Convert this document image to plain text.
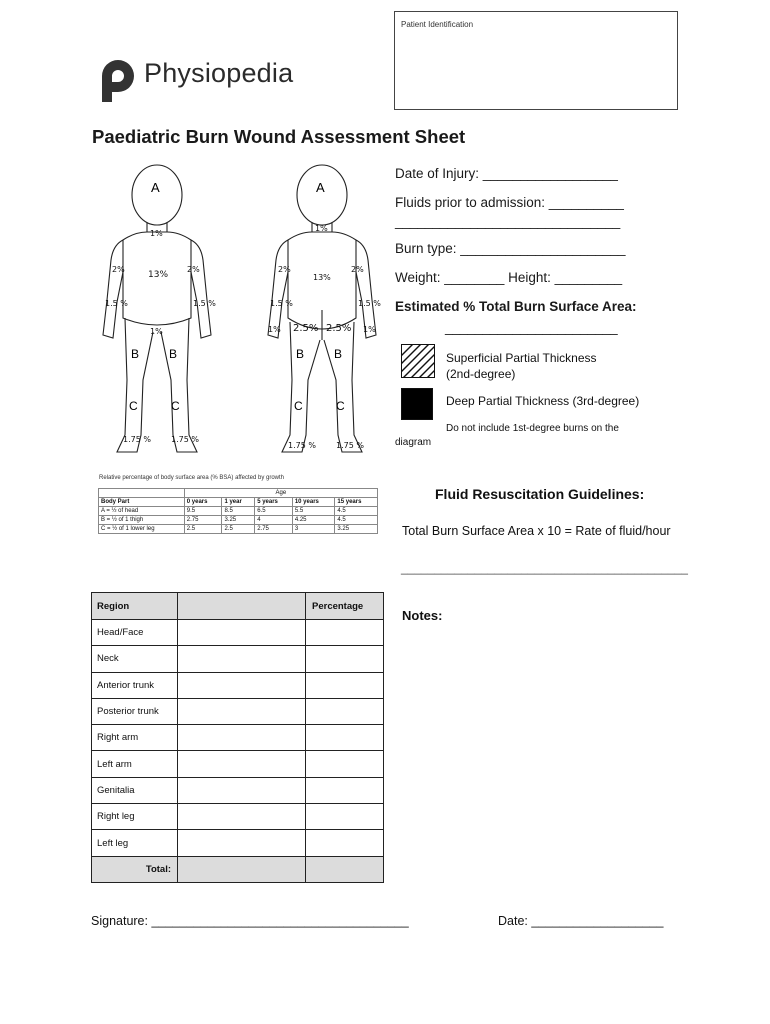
Patient Identification
Physiopedia
Paediatric Burn Wound Assessment Sheet
A
1%
13%
2%	2%
1.5 %	1.5 %
1%
B B
C	C
1.75 %	1.75 %
A
1%
13%
2%	2%
1.5 %	1.5 %
1%	1%
2.5% 2.5%
B B
C	C
1.75 %	1.75 %
Relative percentage of body surface area (% BSA) affected by growth
	Age				
Body Part	0 years	1 year	5 years	10 years	15 years
A = ½ of head	9.5	8.5	6.5	5.5	4.5
B = ½ of 1 thigh	2.75	3.25	4	4.25	4.5
C = ½ of 1 lower leg	2.5	2.5	2.75	3	3.25
Date of Injury: __________________
Fluids prior to admission: __________
______________________________
Burn type: ______________________
Weight: ________ Height: _________
Estimated % Total Burn Surface Area:
_______________________
Superficial Partial Thickness
(2nd-degree)
Deep Partial Thickness (3rd-degree)
Do not include 1st-degree burns on the
diagram
Fluid Resuscitation Guidelines:
Total Burn Surface Area x 10 = Rate of fluid/hour
___________________________________________
Notes:
Region		Percentage
Head/Face		
Neck		
Anterior trunk		
Posterior trunk		
Right arm		
Left arm		
Genitalia		
Right leg		
Left leg		
Total:		
Signature: _____________________________________	Date: ___________________
